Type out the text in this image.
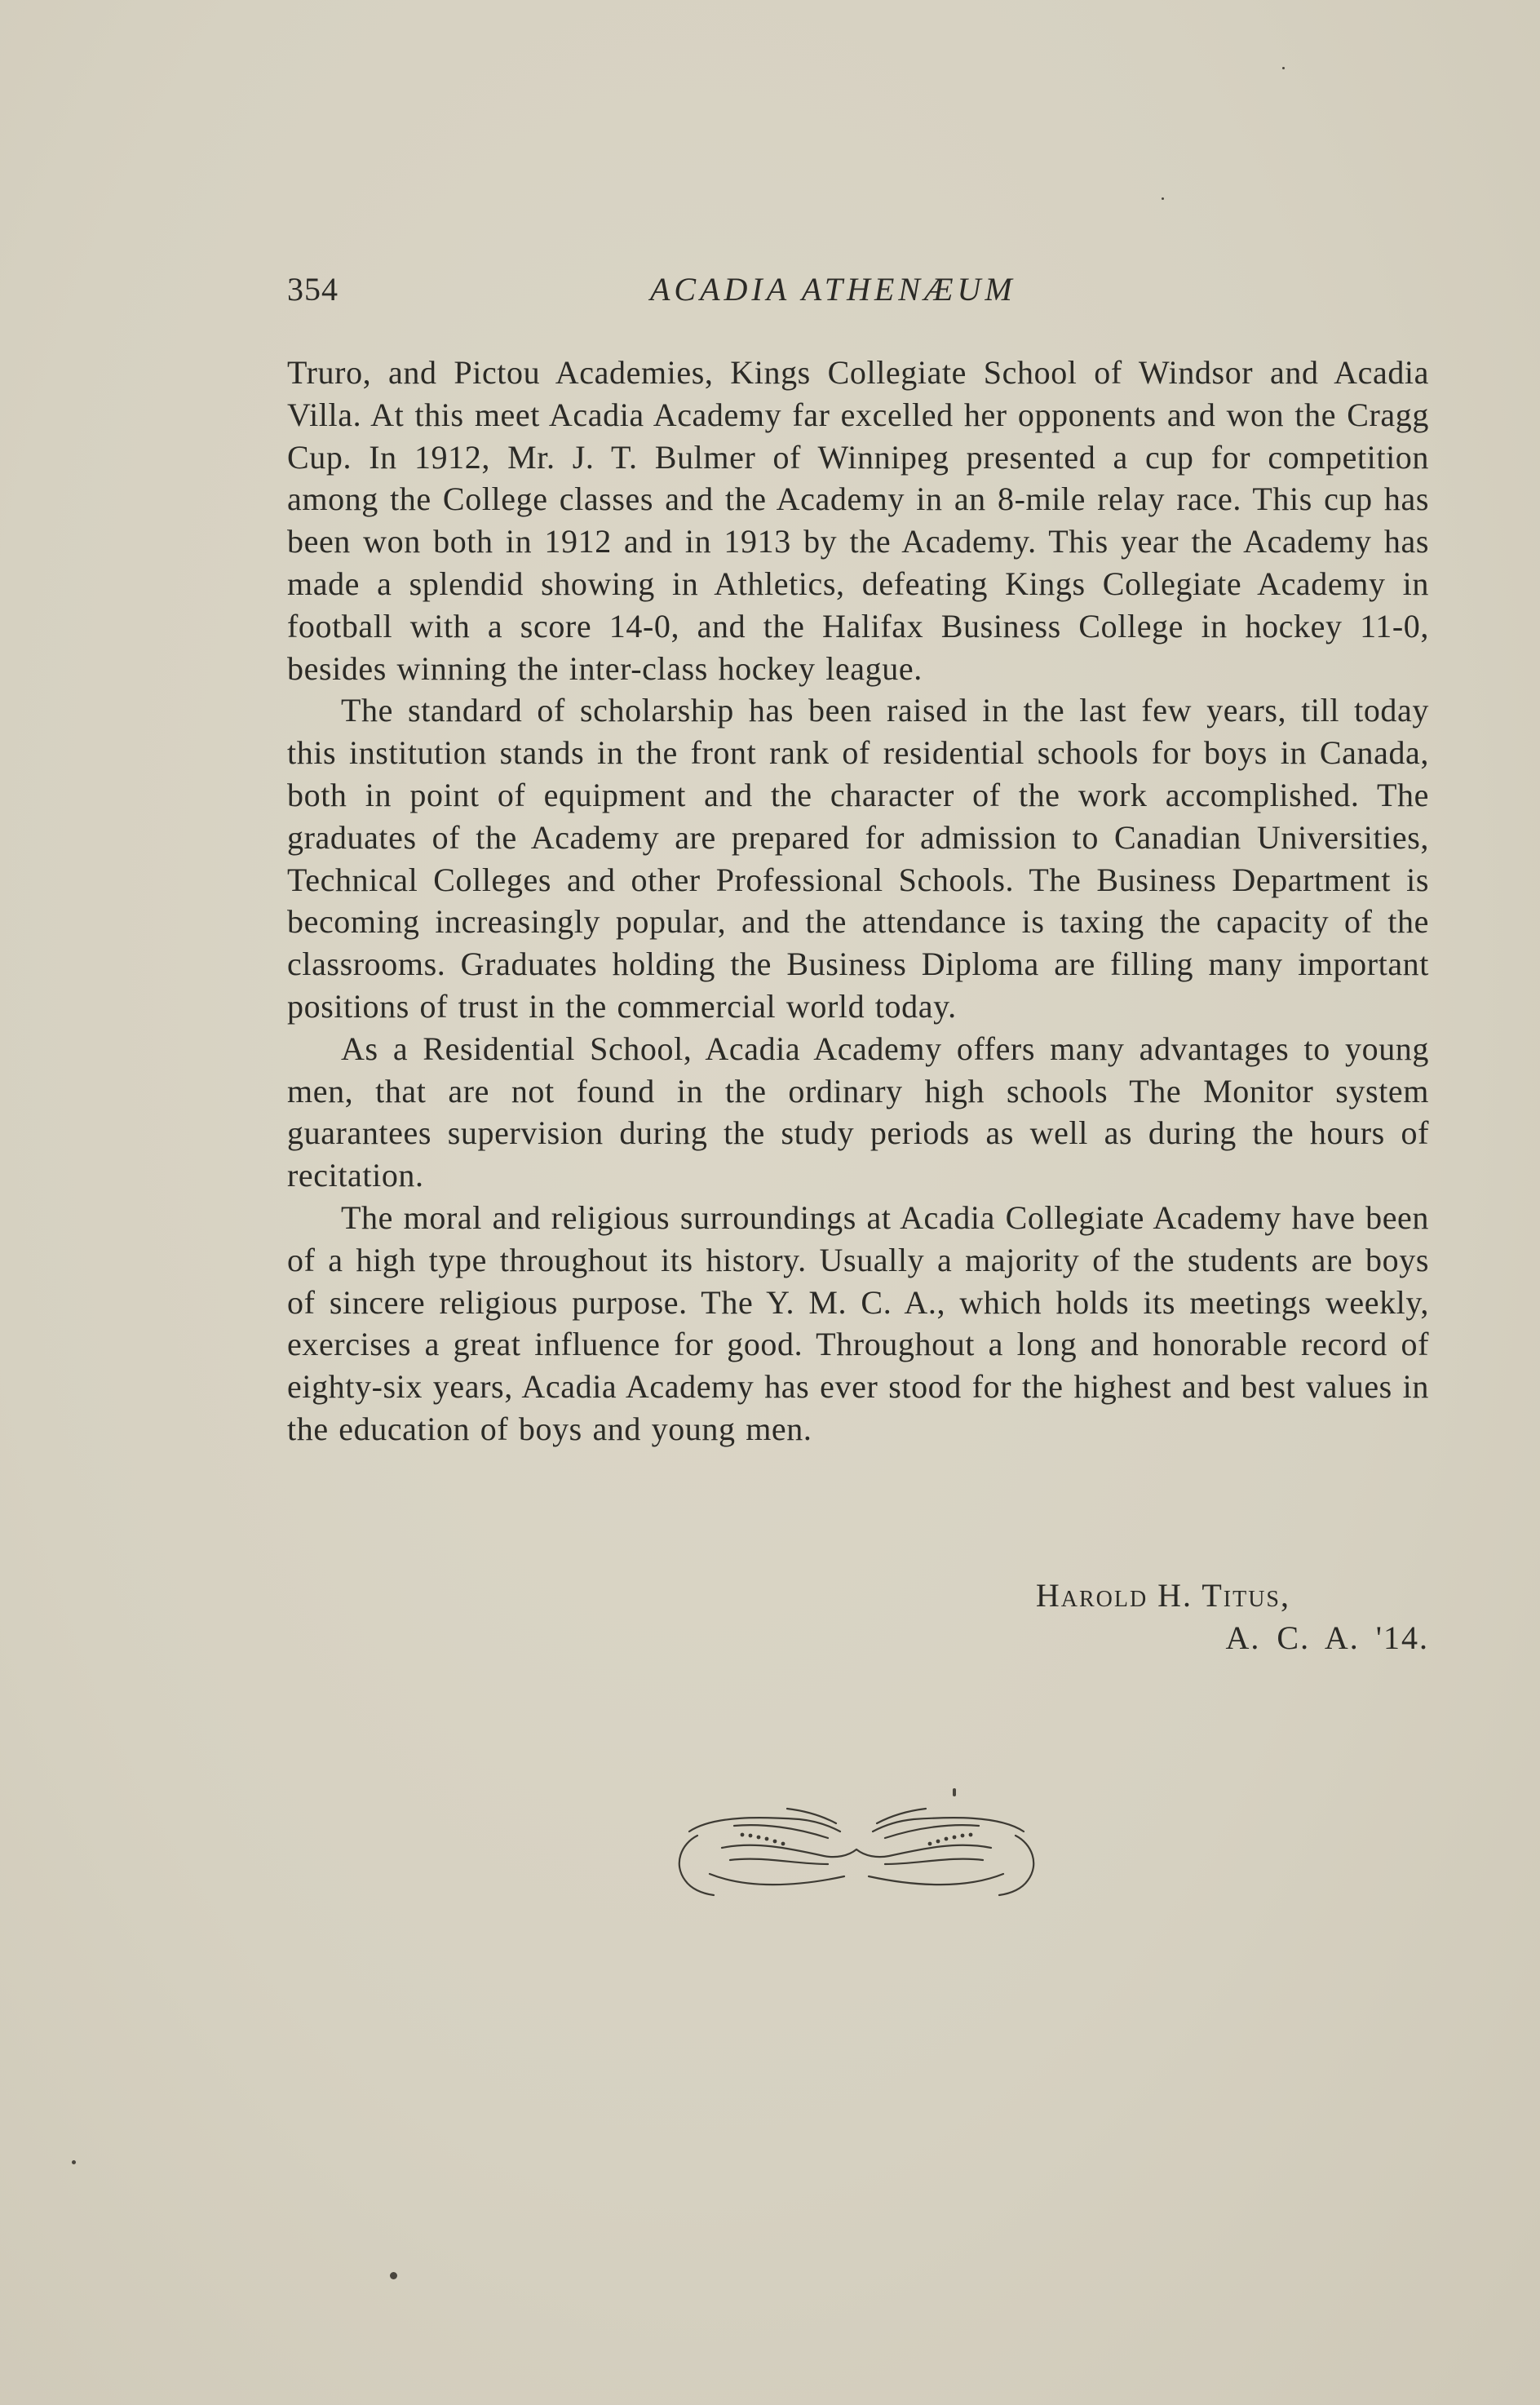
354	ACADIA ATHENÆUM

Truro, and Pictou Academies, Kings Collegiate School of Windsor and Acadia Villa. At this meet Acadia Academy far excelled her opponents and won the Cragg Cup. In 1912, Mr. J. T. Bulmer of Winnipeg presented a cup for competition among the College classes and the Academy in an 8-mile relay race. This cup has been won both in 1912 and in 1913 by the Academy. This year the Academy has made a splendid showing in Athletics, defeating Kings Collegiate Academy in football with a score 14-0, and the Halifax Business College in hockey 11-0, besides winning the inter-class hockey league.

The standard of scholarship has been raised in the last few years, till today this institution stands in the front rank of residential schools for boys in Canada, both in point of equipment and the character of the work accomplished. The graduates of the Academy are prepared for admission to Canadian Universities, Technical Colleges and other Professional Schools. The Business Department is becoming increasingly popular, and the attendance is taxing the capacity of the classrooms. Graduates holding the Business Diploma are filling many important positions of trust in the commercial world today.

As a Residential School, Acadia Academy offers many advantages to young men, that are not found in the ordinary high schools The Monitor system guarantees supervision during the study periods as well as during the hours of recitation.

The moral and religious surroundings at Acadia Collegiate Academy have been of a high type throughout its history. Usually a majority of the students are boys of sincere religious purpose. The Y. M. C. A., which holds its meetings weekly, exercises a great influence for good. Throughout a long and honorable record of eighty-six years, Acadia Academy has ever stood for the highest and best values in the education of boys and young men.

Harold H. Titus,
A. C. A. '14.
